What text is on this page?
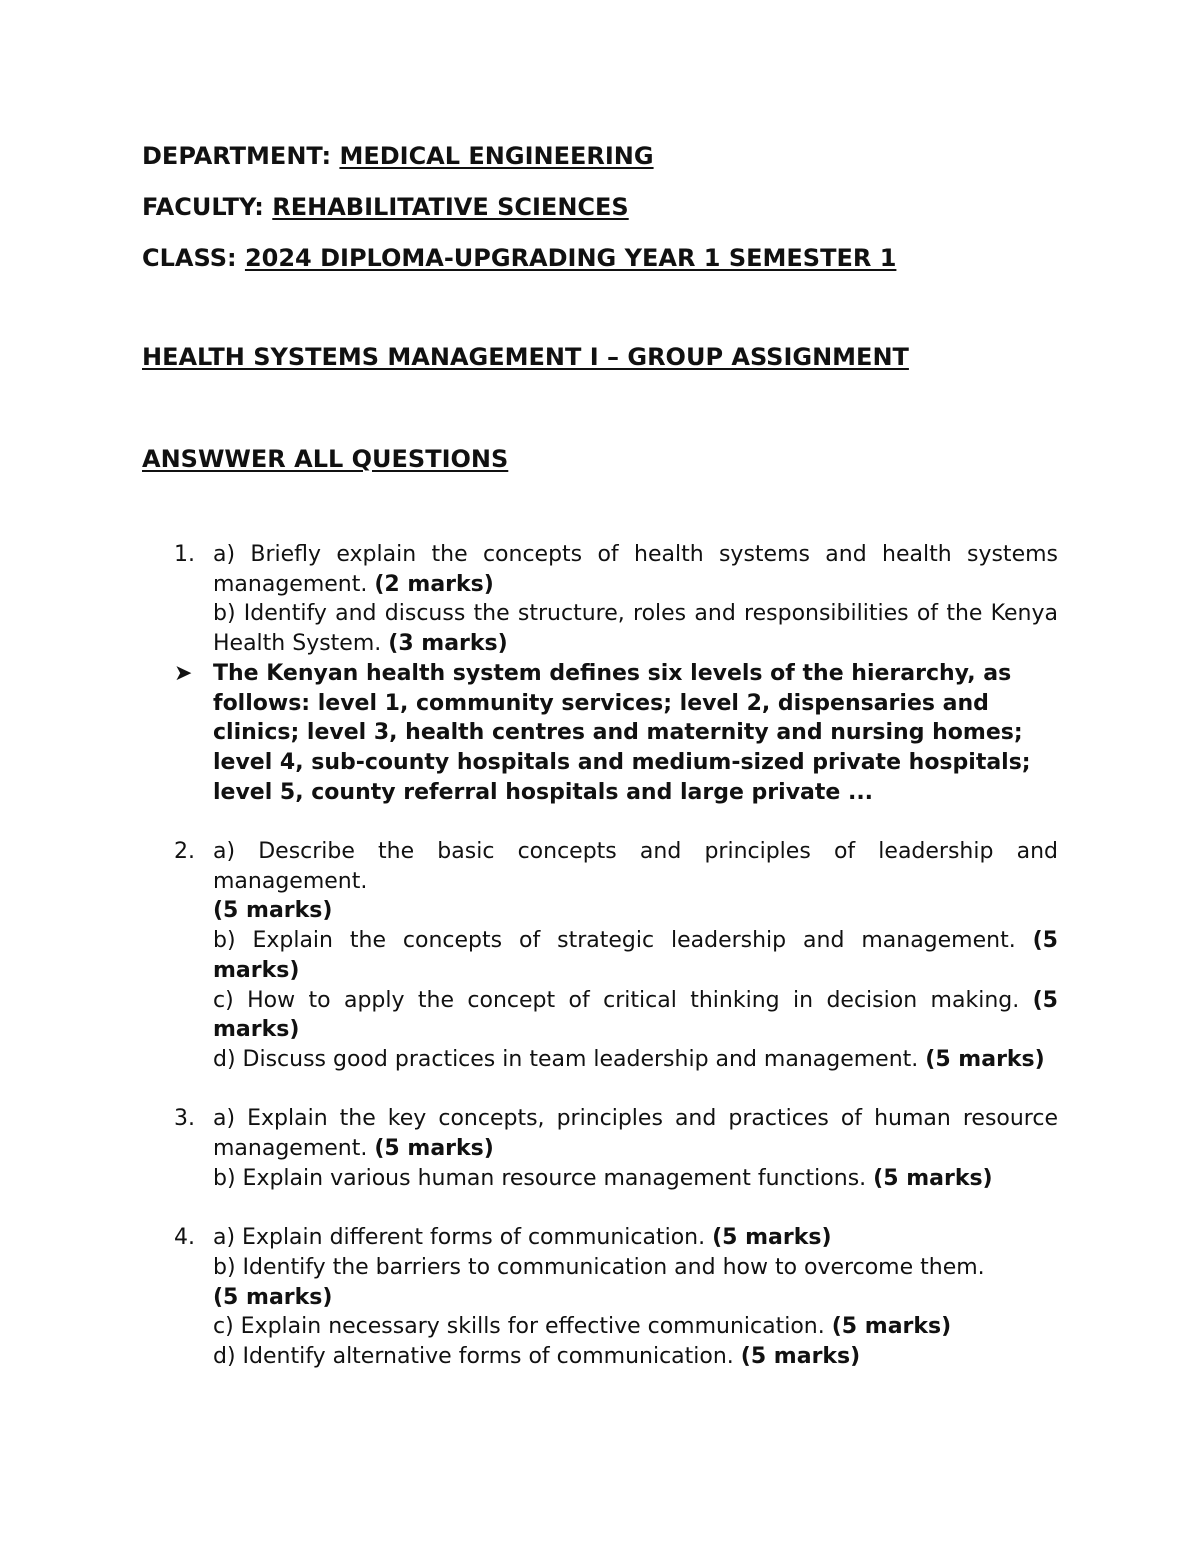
DEPARTMENT: MEDICAL ENGINEERING

FACULTY: REHABILITATIVE SCIENCES

CLASS: 2024 DIPLOMA-UPGRADING YEAR 1 SEMESTER 1

HEALTH SYSTEMS MANAGEMENT I – GROUP ASSIGNMENT

ANSWWER ALL QUESTIONS

1. a) Briefly explain the concepts of health systems and health systems management. (2 marks)

b) Identify and discuss the structure, roles and responsibilities of the Kenya Health System. (3 marks)

➤ The Kenyan health system defines six levels of the hierarchy, as follows: level 1, community services; level 2, dispensaries and clinics; level 3, health centres and maternity and nursing homes; level 4, sub-county hospitals and medium-sized private hospitals; level 5, county referral hospitals and large private ...

2. a) Describe the basic concepts and principles of leadership and management.
(5 marks)

b) Explain the concepts of strategic leadership and management. (5 marks)

c) How to apply the concept of critical thinking in decision making. (5 marks)

d) Discuss good practices in team leadership and management. (5 marks)

3. a) Explain the key concepts, principles and practices of human resource management. (5 marks)

b) Explain various human resource management functions. (5 marks)

4. a) Explain different forms of communication. (5 marks)

b) Identify the barriers to communication and how to overcome them.
(5 marks)

c) Explain necessary skills for effective communication. (5 marks)

d) Identify alternative forms of communication. (5 marks)
